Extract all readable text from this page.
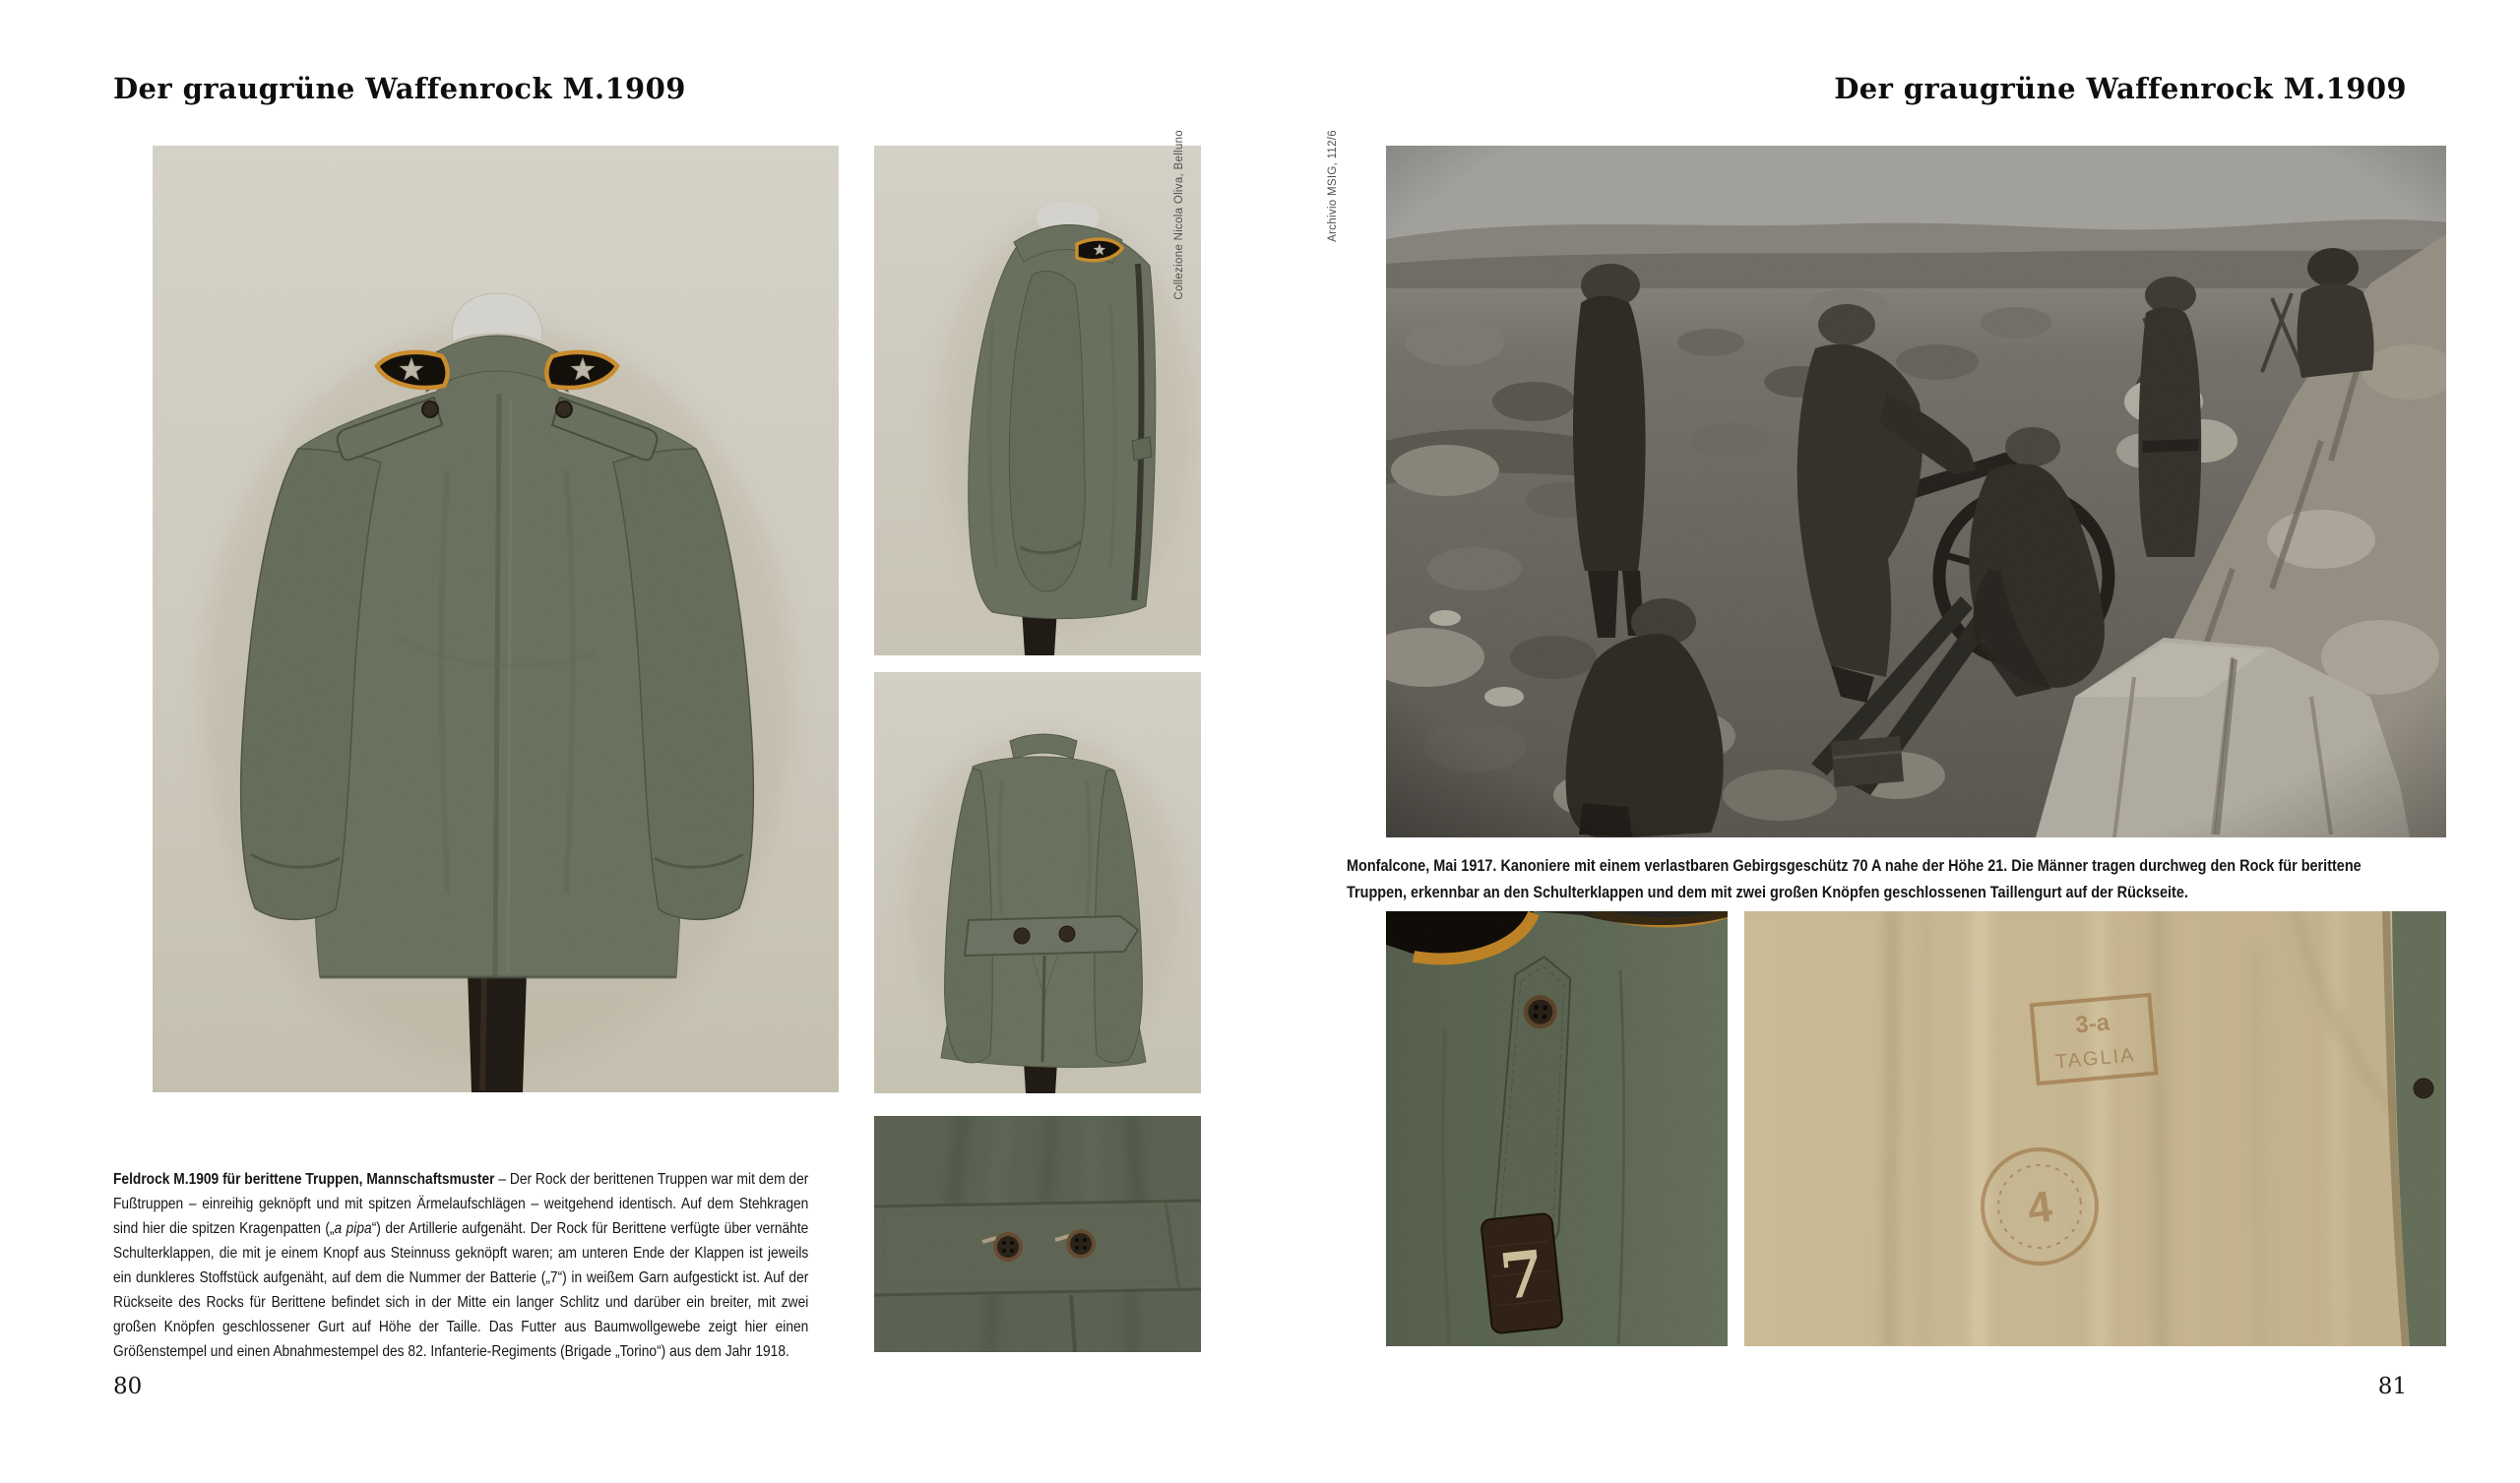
Der graugrüne Waffenrock M.1909
Collezione Nicola Oliva, Belluno

Feldrock M.1909 für berittene Truppen, Mannschaftsmuster – Der Rock der berittenen Truppen war mit dem der Fußtruppen – einreihig geknöpft und mit spitzen Ärmelaufschlägen – weitgehend identisch. Auf dem Stehkragen sind hier die spitzen Kragenpatten („a pipa“) der Artillerie aufgenäht. Der Rock für Berittene verfügte über vernähte Schulterklappen, die mit je einem Knopf aus Steinnuss geknöpft waren; am unteren Ende der Klappen ist jeweils ein dunkleres Stoffstück aufgenäht, auf dem die Nummer der Batterie („7“) in weißem Garn aufgestickt ist. Auf der Rückseite des Rocks für Berittene befindet sich in der Mitte ein langer Schlitz und darüber ein breiter, mit zwei großen Knöpfen geschlossener Gurt auf Höhe der Taille. Das Futter aus Baumwollgewebe zeigt hier einen Größenstempel und einen Abnahmestempel des 82. Infanterie-Regiments (Brigade „Torino“) aus dem Jahr 1918.

80
Der graugrüne Waffenrock M.1909
Archivio MSIG, 112/6

Monfalcone, Mai 1917. Kanoniere mit einem verlastbaren Gebirgsgeschütz 70 A nahe der Höhe 21. Die Männer tragen durchweg den Rock für berittene Truppen, erkennbar an den Schulterklappen und dem mit zwei großen Knöpfen geschlossenen Taillengurt auf der Rückseite.

7
3-a
TAGLIA
4
81
